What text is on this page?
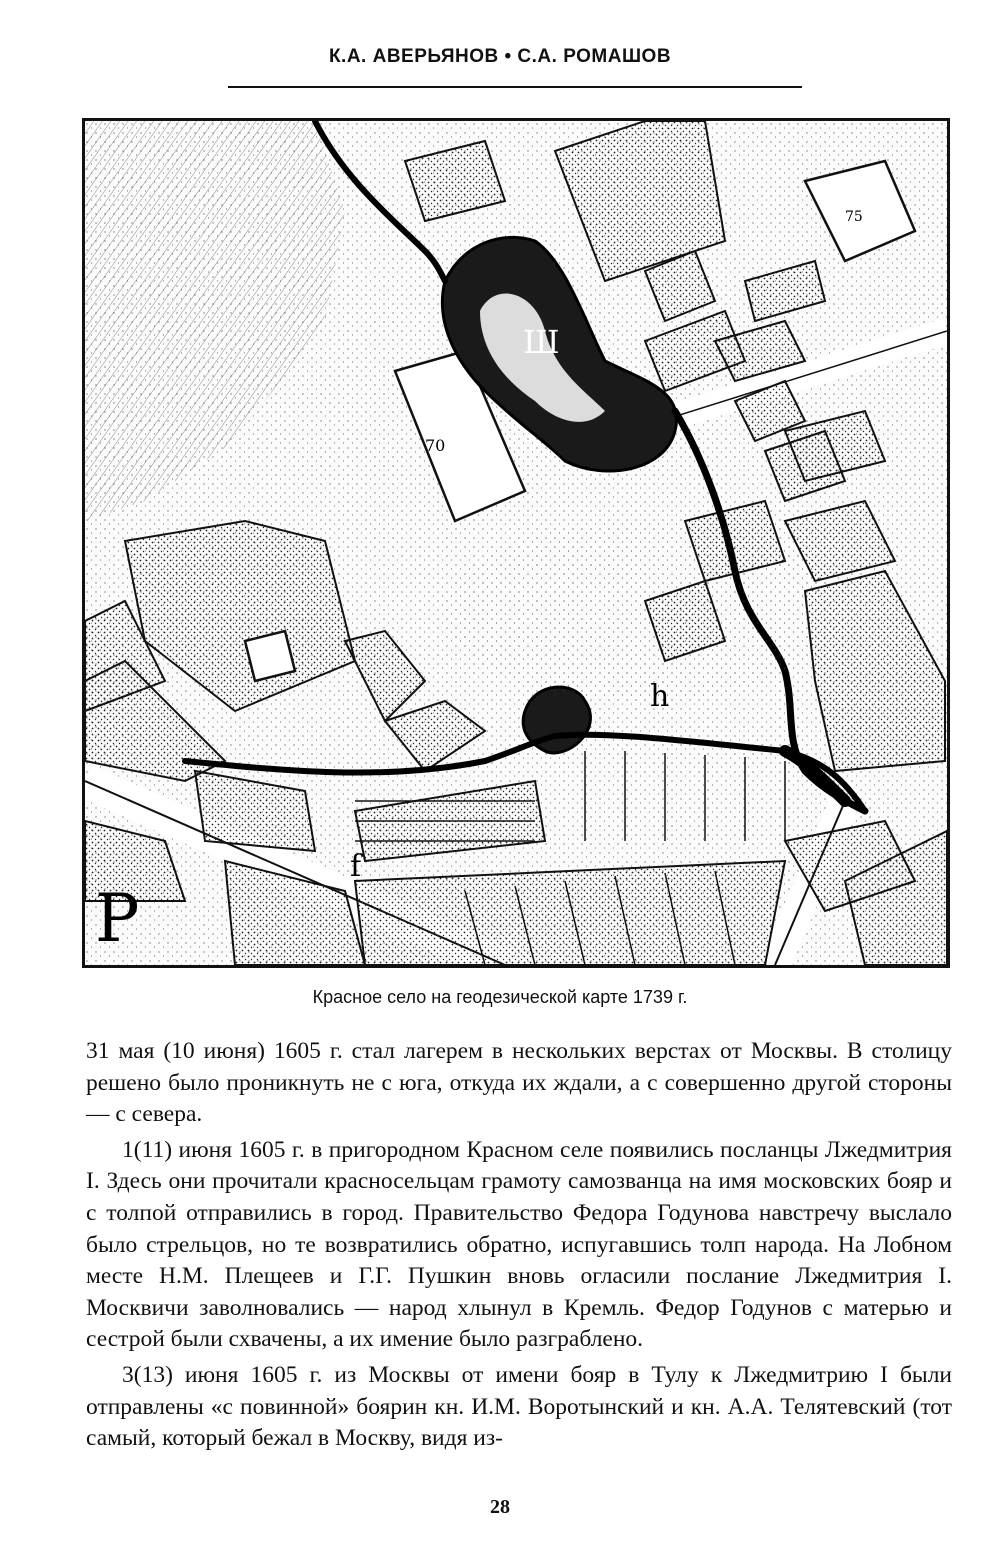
К.А. АВЕРЬЯНОВ • С.А. РОМАШОВ
Ш
70
75
h
f
P
Красное село на геодезической карте 1739 г.

31 мая (10 июня) 1605 г. стал лагерем в нескольких верстах от Москвы. В столицу решено было проникнуть не с юга, откуда их ждали, а с совершенно другой стороны — с севера.

1(11) июня 1605 г. в пригородном Красном селе появились посланцы Лжедмитрия I. Здесь они прочитали красносельцам грамоту самозванца на имя московских бояр и с толпой отправились в город. Правительство Федора Годунова навстречу выслало было стрельцов, но те возвратились обратно, испугавшись толп народа. На Лобном месте Н.М. Плещеев и Г.Г. Пушкин вновь огласили послание Лжедмитрия I. Москвичи заволновались — народ хлынул в Кремль. Федор Годунов с матерью и сестрой были схвачены, а их имение было разграблено.

3(13) июня 1605 г. из Москвы от имени бояр в Тулу к Лжедмитрию I были отправлены «с повинной» боярин кн. И.М. Воротынский и кн. А.А. Телятевский (тот самый, который бежал в Москву, видя из-

28
